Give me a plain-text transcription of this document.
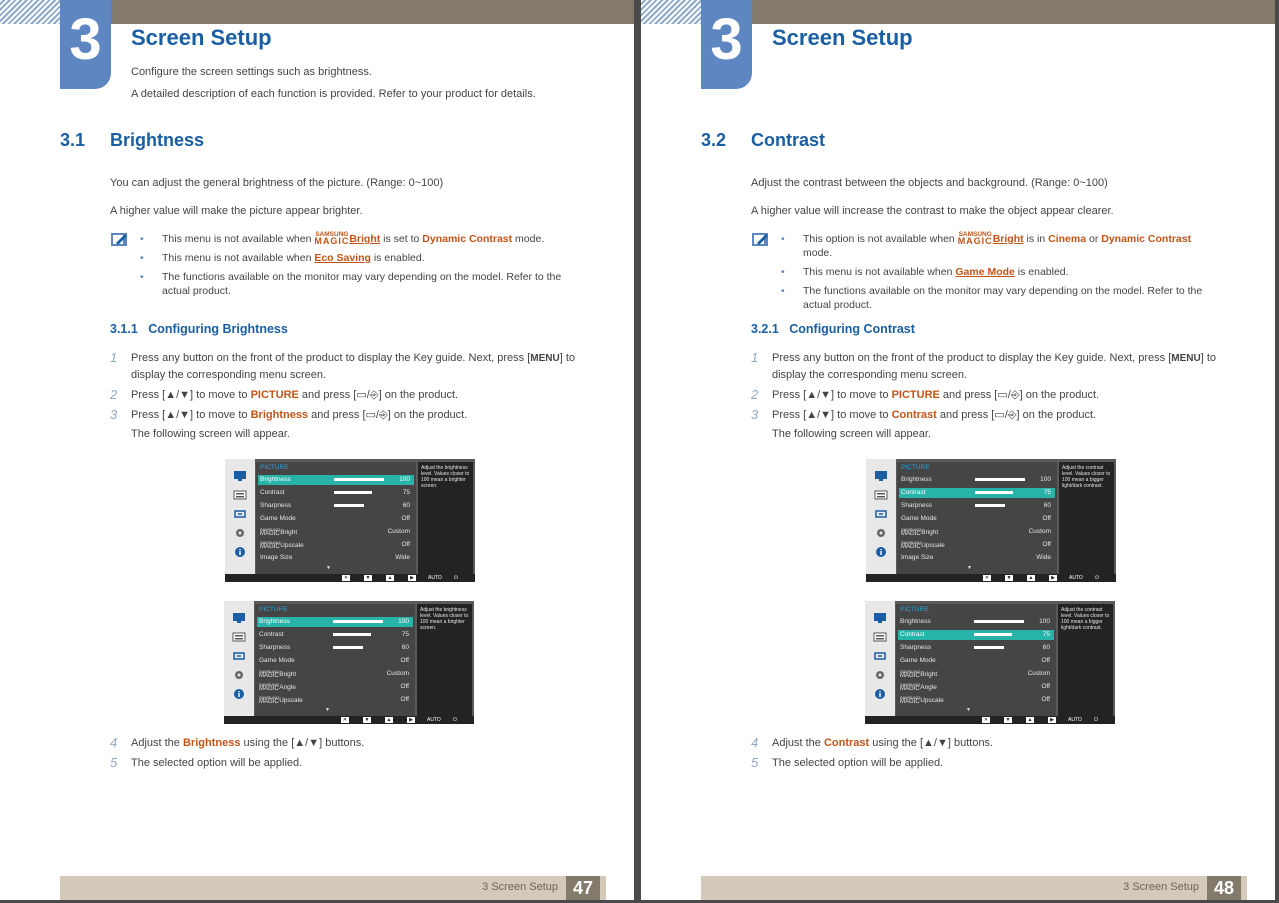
3	Screen Setup
Configure the screen settings such as brightness.
A detailed description of each function is provided. Refer to your product for details.
3.1 Brightness
You can adjust the general brightness of the picture. (Range: 0~100)
A higher value will make the picture appear brighter.
• This menu is not available when SAMSUNG
MAGICBright is set to Dynamic Contrast mode.
• This menu is not available when Eco Saving is enabled.
• The functions available on the monitor may vary depending on the model. Refer to the actual product.
3.1.1 Configuring Brightness
1 Press any button on the front of the product to display the Key guide. Next, press [MENU] to display the corresponding menu screen.
2 Press [▲/▼] to move to PICTURE and press [▭/⎆] on the product.
3 Press [▲/▼] to move to Brightness and press [▭/⎆] on the product.
The following screen will appear.
PICTURE
Brightness	100
Contrast	75
Sharpness	60
Game Mode	Off
SAMSUNG
MAGICBright	Custom
SAMSUNG
MAGICUpscale	Off
Image Size	Wide
▼
Adjust the brightness level. Values closer to 100 mean a brighter screen.
✕	▼	▲	▶	AUTO ⏻
PICTURE
Brightness	100
Contrast	75
Sharpness	60
Game Mode	Off
SAMSUNG
MAGICBright	Custom
SAMSUNG
MAGICAngle	Off
SAMSUNG
MAGICUpscale	Off
▼
Adjust the brightness level. Values closer to 100 mean a brighter screen.
✕	▼	▲	▶	AUTO ⏻
4 Adjust the Brightness using the [▲/▼] buttons.
5 The selected option will be applied.
3 Screen Setup 47
3	Screen Setup
3.2 Contrast
Adjust the contrast between the objects and background. (Range: 0~100)
A higher value will increase the contrast to make the object appear clearer.
• This option is not available when SAMSUNG
MAGICBright is in Cinema or Dynamic Contrast mode.
• This menu is not available when Game Mode is enabled.
• The functions available on the monitor may vary depending on the model. Refer to the actual product.
3.2.1 Configuring Contrast
1 Press any button on the front of the product to display the Key guide. Next, press [MENU] to display the corresponding menu screen.
2 Press [▲/▼] to move to PICTURE and press [▭/⎆] on the product.
3 Press [▲/▼] to move to Contrast and press [▭/⎆] on the product.
The following screen will appear.
PICTURE
Brightness	100
Contrast	75
Sharpness	60
Game Mode	Off
SAMSUNG
MAGICBright	Custom
SAMSUNG
MAGICUpscale	Off
Image Size	Wide
▼
Adjust the contrast level. Values closer to 100 mean a bigger light/dark contrast.
✕	▼	▲	▶	AUTO ⏻
PICTURE
Brightness	100
Contrast	75
Sharpness	60
Game Mode	Off
SAMSUNG
MAGICBright	Custom
SAMSUNG
MAGICAngle	Off
SAMSUNG
MAGICUpscale	Off
▼
Adjust the contrast level. Values closer to 100 mean a bigger light/dark contrast.
✕	▼	▲	▶	AUTO ⏻
4 Adjust the Contrast using the [▲/▼] buttons.
5 The selected option will be applied.
3 Screen Setup 48
